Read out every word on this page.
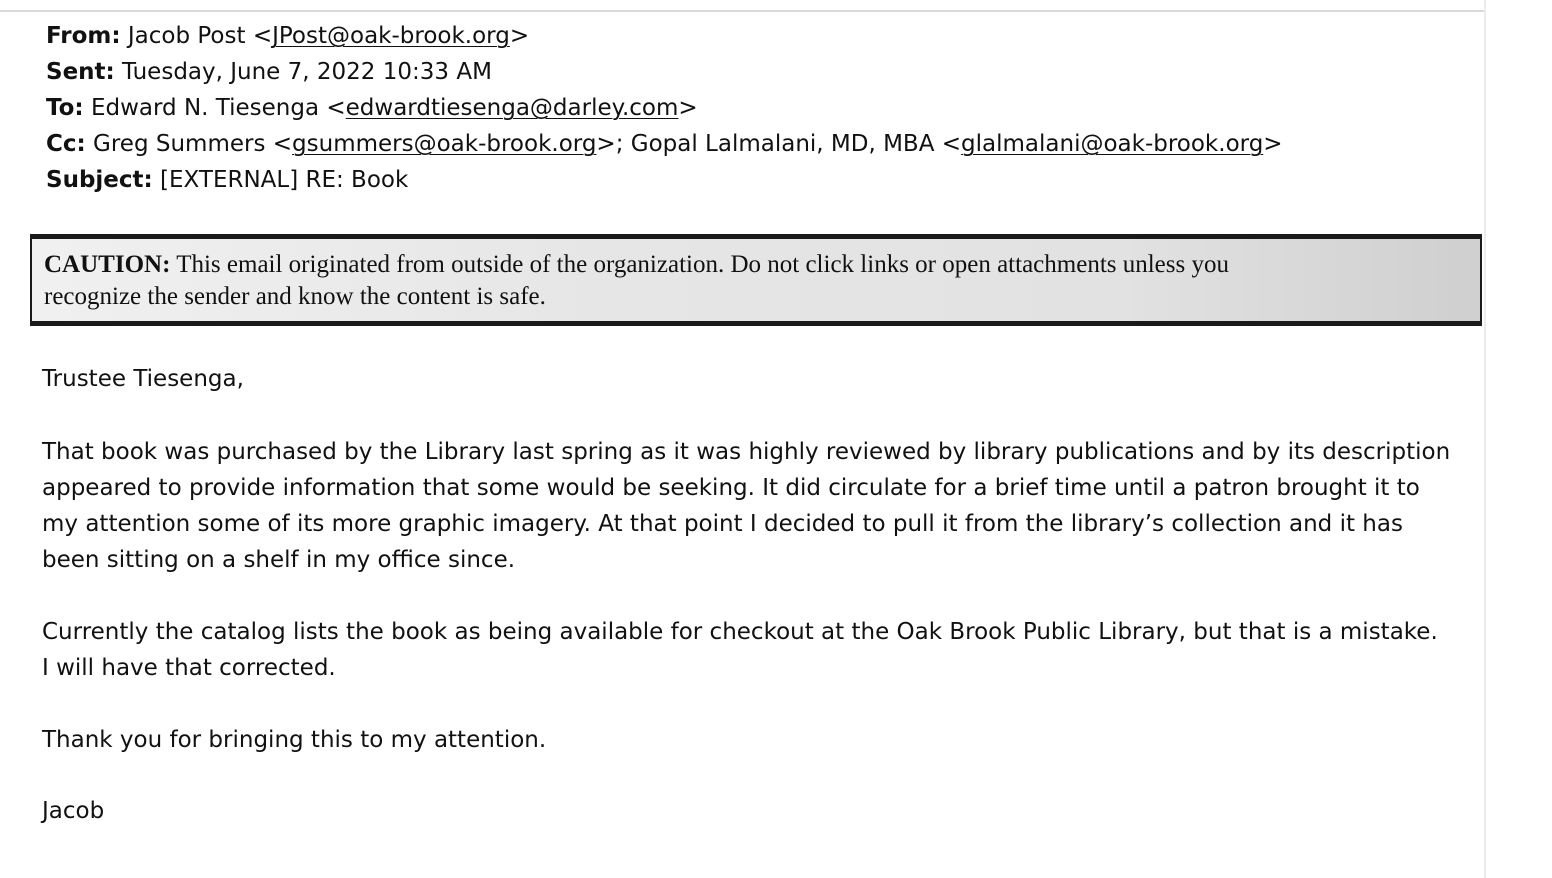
From: Jacob Post <JPost@oak-brook.org>
Sent: Tuesday, June 7, 2022 10:33 AM
To: Edward N. Tiesenga <edwardtiesenga@darley.com>
Cc: Greg Summers <gsummers@oak-brook.org>; Gopal Lalmalani, MD, MBA <glalmalani@oak-brook.org>
Subject: [EXTERNAL] RE: Book
CAUTION: This email originated from outside of the organization. Do not click links or open attachments unless you
recognize the sender and know the content is safe.
Trustee Tiesenga,
That book was purchased by the Library last spring as it was highly reviewed by library publications and by its description
appeared to provide information that some would be seeking. It did circulate for a brief time until a patron brought it to
my attention some of its more graphic imagery. At that point I decided to pull it from the library’s collection and it has
been sitting on a shelf in my office since.
Currently the catalog lists the book as being available for checkout at the Oak Brook Public Library, but that is a mistake.
I will have that corrected.
Thank you for bringing this to my attention.
Jacob
